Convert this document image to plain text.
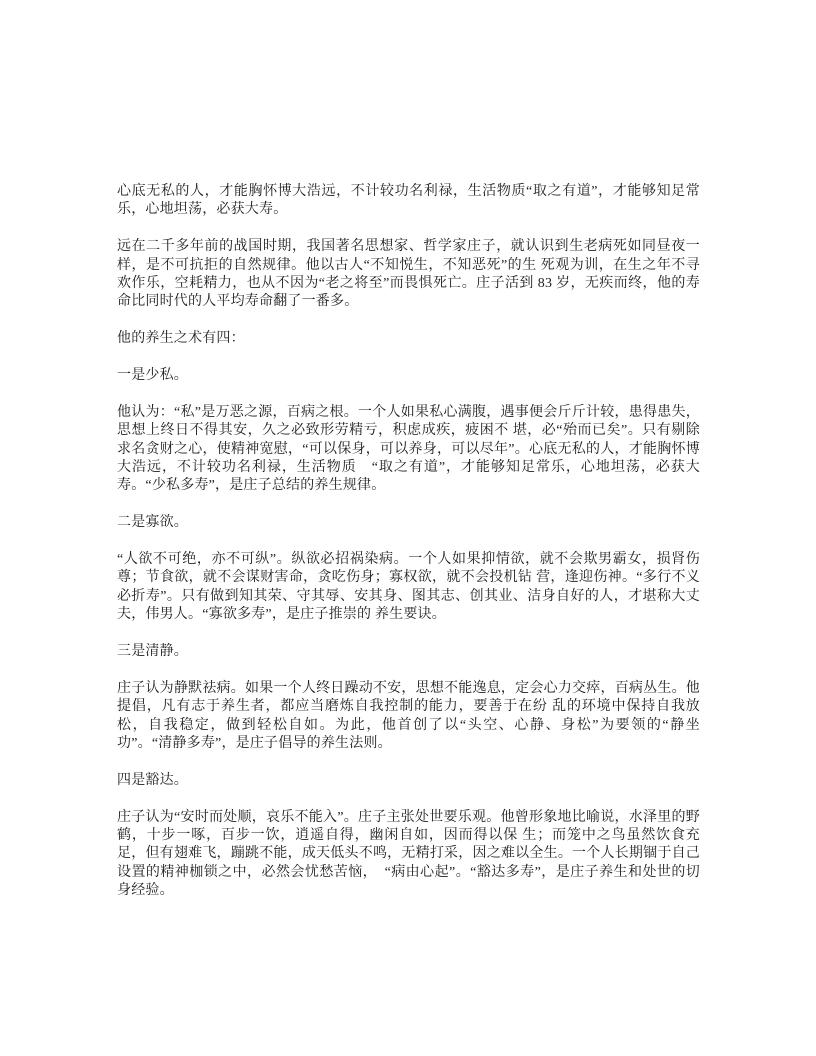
心底无私的人，才能胸怀博大浩远，不计较功名利禄，生活物质“取之有道”，才能够知足常乐，心地坦荡，必获大寿。

远在二千多年前的战国时期，我国著名思想家、哲学家庄子，就认识到生老病死如同昼夜一样，是不可抗拒的自然规律。他以古人“不知悦生，不知恶死”的生 死观为训，在生之年不寻欢作乐，空耗精力，也从不因为“老之将至”而畏惧死亡。庄子活到 83 岁，无疾而终，他的寿命比同时代的人平均寿命翻了一番多。

他的养生之术有四：

一是少私。

他认为：“私”是万恶之源，百病之根。一个人如果私心满腹，遇事便会斤斤计较，患得患失，思想上终日不得其安，久之必致形劳精亏，积虑成疾，疲困不 堪，必“殆而已矣”。只有剔除求名贪财之心，使精神宽慰，“可以保身，可以养身，可以尽年”。心底无私的人，才能胸怀博大浩远，不计较功名利禄，生活物质　“取之有道”，才能够知足常乐，心地坦荡，必获大寿。“少私多寿”，是庄子总结的养生规律。

二是寡欲。

“人欲不可绝，亦不可纵”。纵欲必招祸染病。一个人如果抑情欲，就不会欺男霸女，损肾伤尊；节食欲，就不会谋财害命，贪吃伤身；寡权欲，就不会投机钻 营，逢迎伤神。“多行不义必折寿”。只有做到知其荣、守其辱、安其身、图其志、创其业、洁身自好的人，才堪称大丈夫，伟男人。“寡欲多寿”，是庄子推崇的 养生要诀。

三是清静。

庄子认为静默祛病。如果一个人终日躁动不安，思想不能逸息，定会心力交瘁，百病丛生。他提倡，凡有志于养生者，都应当磨炼自我控制的能力，要善于在纷 乱的环境中保持自我放松，自我稳定，做到轻松自如。为此，他首创了以“头空、心静、身松”为要领的“静坐功”。“清静多寿”，是庄子倡导的养生法则。

四是豁达。

庄子认为“安时而处顺，哀乐不能入”。庄子主张处世要乐观。他曾形象地比喻说，水泽里的野鹤，十步一啄，百步一饮，逍遥自得，幽闲自如，因而得以保 生；而笼中之鸟虽然饮食充足，但有翅难飞，蹦跳不能，成天低头不鸣，无精打采，因之难以全生。一个人长期锢于自己设置的精神枷锁之中，必然会忧愁苦恼，　“病由心起”。“豁达多寿”，是庄子养生和处世的切身经验。
